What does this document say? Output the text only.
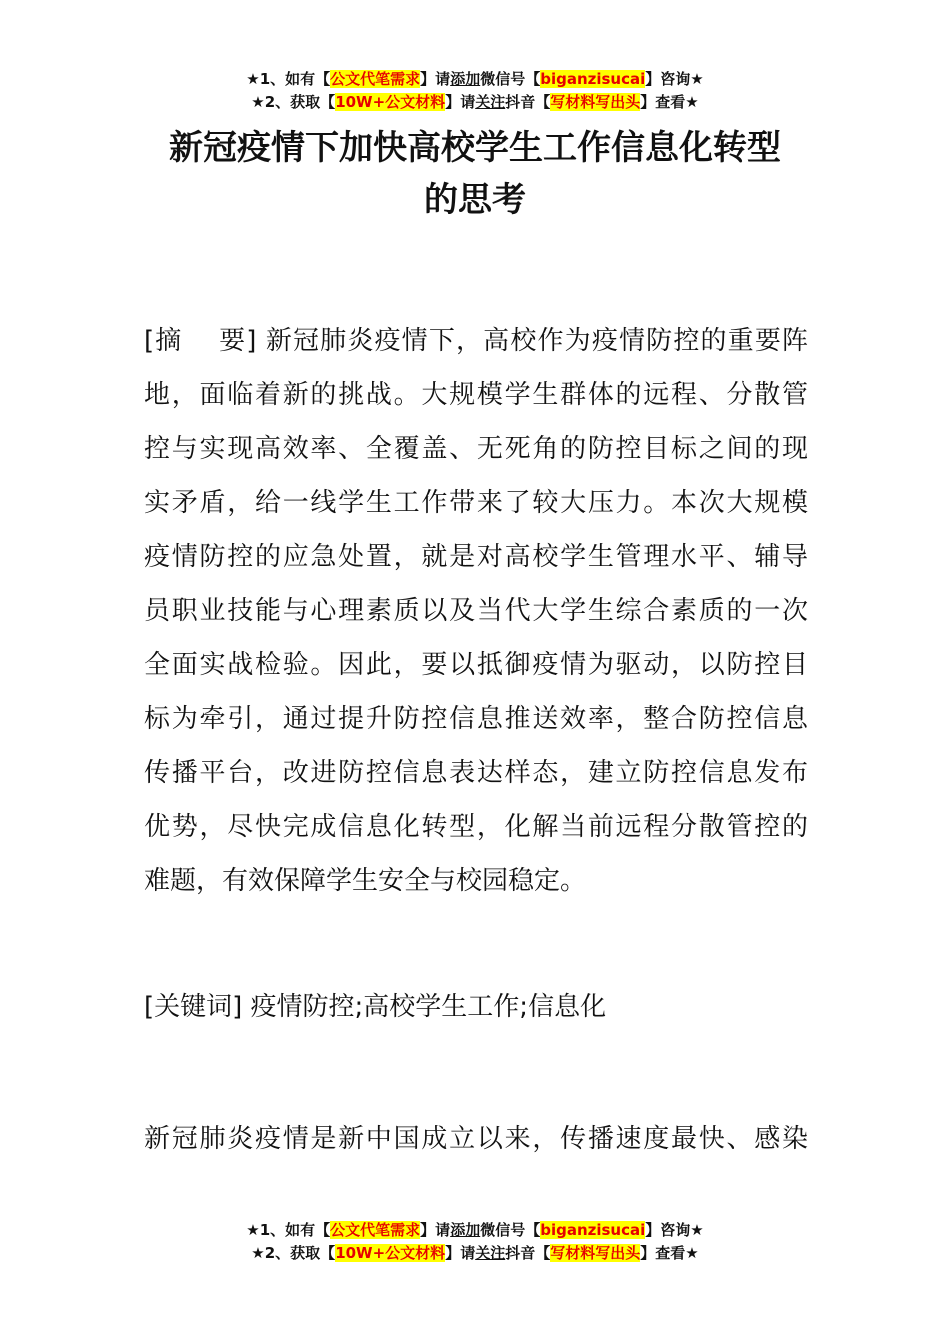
★1、如有【公文代笔需求】请添加微信号【biganzisucai】咨询★
★2、获取【10W+公文材料】请关注抖音【写材料写出头】查看★
新冠疫情下加快高校学生工作信息化转型
的思考
[摘　 要] 新冠肺炎疫情下，高校作为疫情防控的重要阵
地，面临着新的挑战。大规模学生群体的远程、分散管
控与实现高效率、全覆盖、无死角的防控目标之间的现
实矛盾，给一线学生工作带来了较大压力。本次大规模
疫情防控的应急处置，就是对高校学生管理水平、辅导
员职业技能与心理素质以及当代大学生综合素质的一次
全面实战检验。因此，要以抵御疫情为驱动，以防控目
标为牵引，通过提升防控信息推送效率，整合防控信息
传播平台，改进防控信息表达样态，建立防控信息发布
优势，尽快完成信息化转型，化解当前远程分散管控的
难题，有效保障学生安全与校园稳定。
[关键词] 疫情防控;高校学生工作;信息化
新冠肺炎疫情是新中国成立以来，传播速度最快、感染
★1、如有【公文代笔需求】请添加微信号【biganzisucai】咨询★
★2、获取【10W+公文材料】请关注抖音【写材料写出头】查看★
